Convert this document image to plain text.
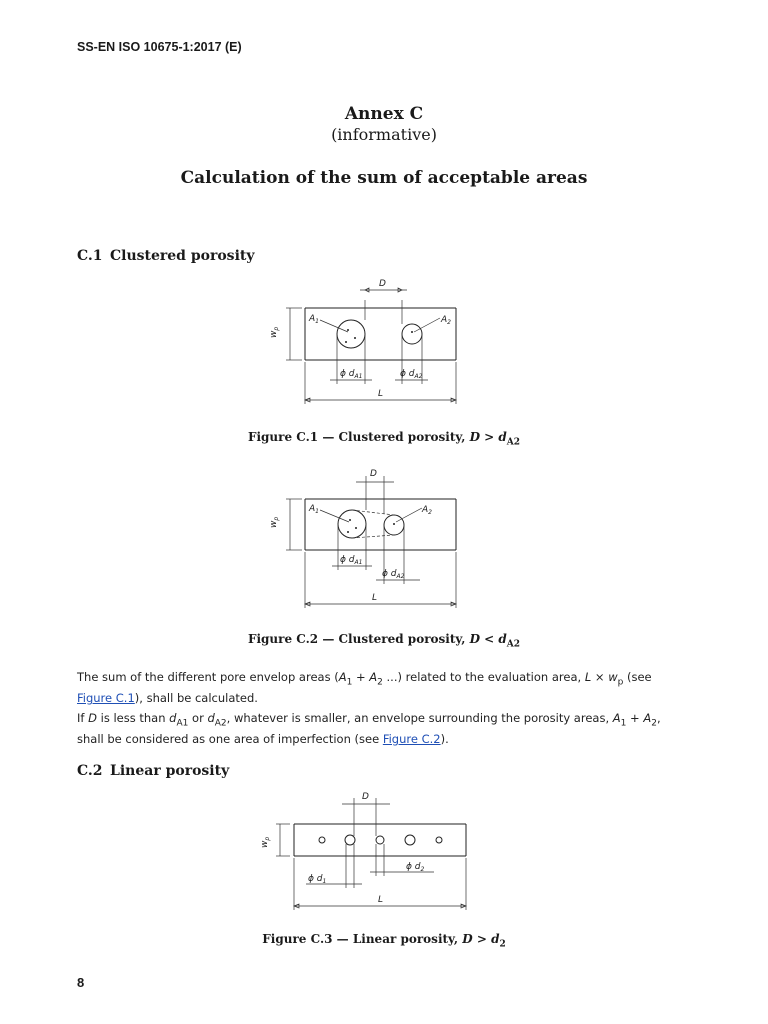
SS-EN ISO 10675-1:2017 (E)
Annex C
(informative)
Calculation of the sum of acceptable areas
C.1 Clustered porosity
D
$w_p$
$A_1$	$A_2$
ϕ $d_{A1}$	ϕ $d_{A2}$
L
Figure C.1 — Clustered porosity, $D > d_{A2}$
D
$w_p$
$A_1$	$A_2$
ϕ $d_{A1}$
ϕ $d_{A2}$
L
Figure C.2 — Clustered porosity, $D < d_{A2}$
The sum of the different pore envelop areas ($A_1 + A_2$ ...) related to the evaluation area, $L \times w_p$ (see Figure C.1), shall be calculated.
If D is less than $d_{A1}$ or $d_{A2}$, whatever is smaller, an envelope surrounding the porosity areas, $A_1 + A_2$,
shall be considered as one area of imperfection (see Figure C.2).
C.2 Linear porosity
D
$w_p$
ϕ $d_1$
ϕ $d_2$
L
Figure C.3 — Linear porosity, $D > d_2$
8
